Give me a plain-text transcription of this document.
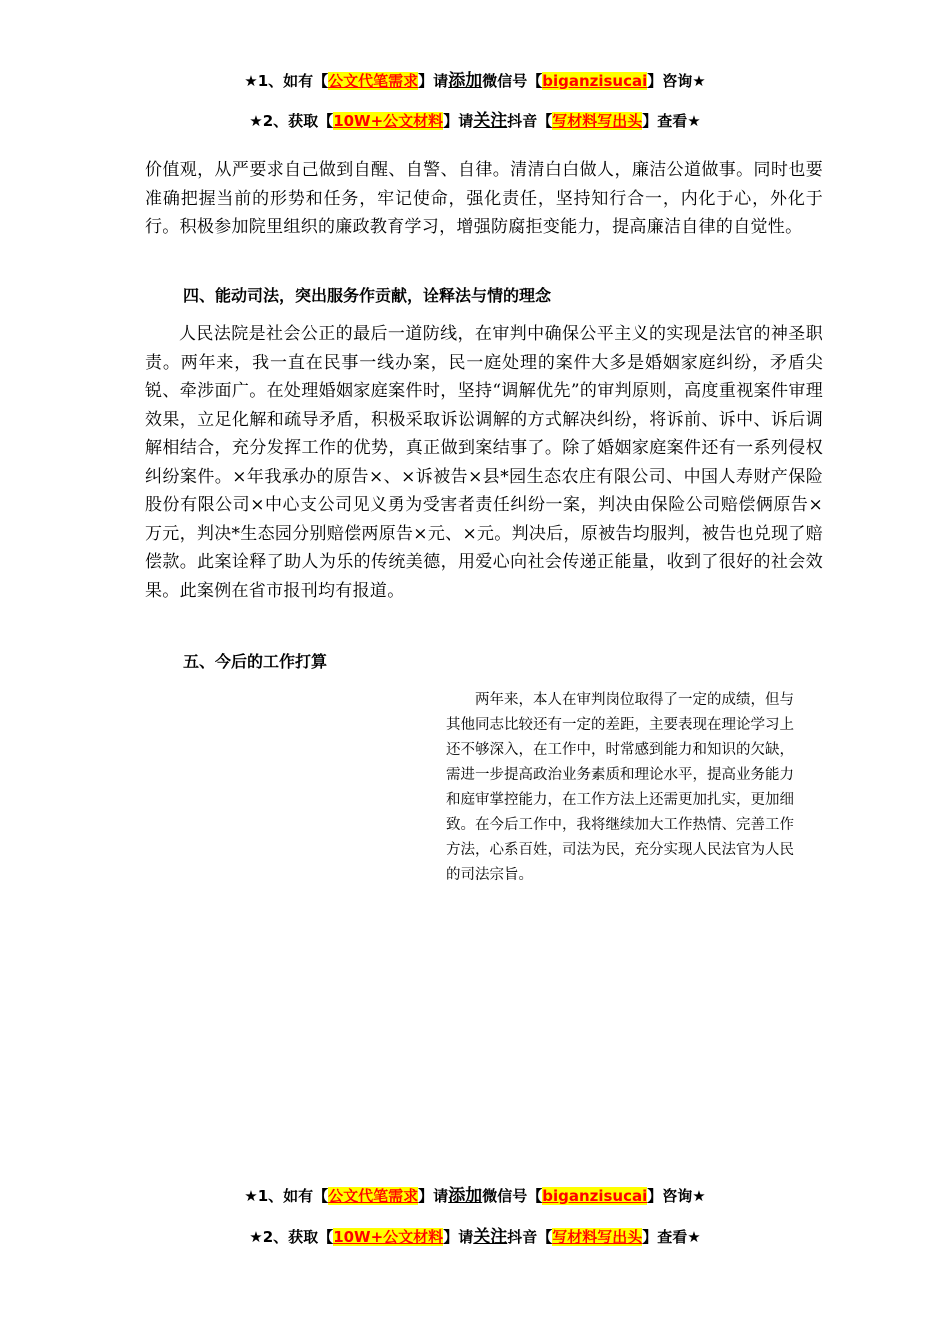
★1、如有【公文代笔需求】请添加微信号【biganzisucai】咨询★
★2、获取【10W+公文材料】请关注抖音【写材料写出头】查看★

价值观，从严要求自己做到自醒、自警、自律。清清白白做人，廉洁公道做事。同时也要准确把握当前的形势和任务，牢记使命，强化责任，坚持知行合一，内化于心，外化于行。积极参加院里组织的廉政教育学习，增强防腐拒变能力，提高廉洁自律的自觉性。

四、能动司法，突出服务作贡献，诠释法与情的理念

人民法院是社会公正的最后一道防线，在审判中确保公平主义的实现是法官的神圣职责。两年来，我一直在民事一线办案，民一庭处理的案件大多是婚姻家庭纠纷，矛盾尖锐、牵涉面广。在处理婚姻家庭案件时，坚持“调解优先”的审判原则，高度重视案件审理效果，立足化解和疏导矛盾，积极采取诉讼调解的方式解决纠纷，将诉前、诉中、诉后调解相结合，充分发挥工作的优势，真正做到案结事了。除了婚姻家庭案件还有一系列侵权纠纷案件。×年我承办的原告×、×诉被告×县*园生态农庄有限公司、中国人寿财产保险股份有限公司×中心支公司见义勇为受害者责任纠纷一案，判决由保险公司赔偿俩原告×万元，判决*生态园分别赔偿两原告×元、×元。判决后，原被告均服判，被告也兑现了赔偿款。此案诠释了助人为乐的传统美德，用爱心向社会传递正能量，收到了很好的社会效果。此案例在省市报刊均有报道。

五、今后的工作打算

两年来，本人在审判岗位取得了一定的成绩，但与其他同志比较还有一定的差距，主要表现在理论学习上还不够深入，在工作中，时常感到能力和知识的欠缺，需进一步提高政治业务素质和理论水平，提高业务能力和庭审掌控能力，在工作方法上还需更加扎实，更加细致。在今后工作中，我将继续加大工作热情、完善工作方法，心系百姓，司法为民，充分实现人民法官为人民的司法宗旨。

★1、如有【公文代笔需求】请添加微信号【biganzisucai】咨询★
★2、获取【10W+公文材料】请关注抖音【写材料写出头】查看★
